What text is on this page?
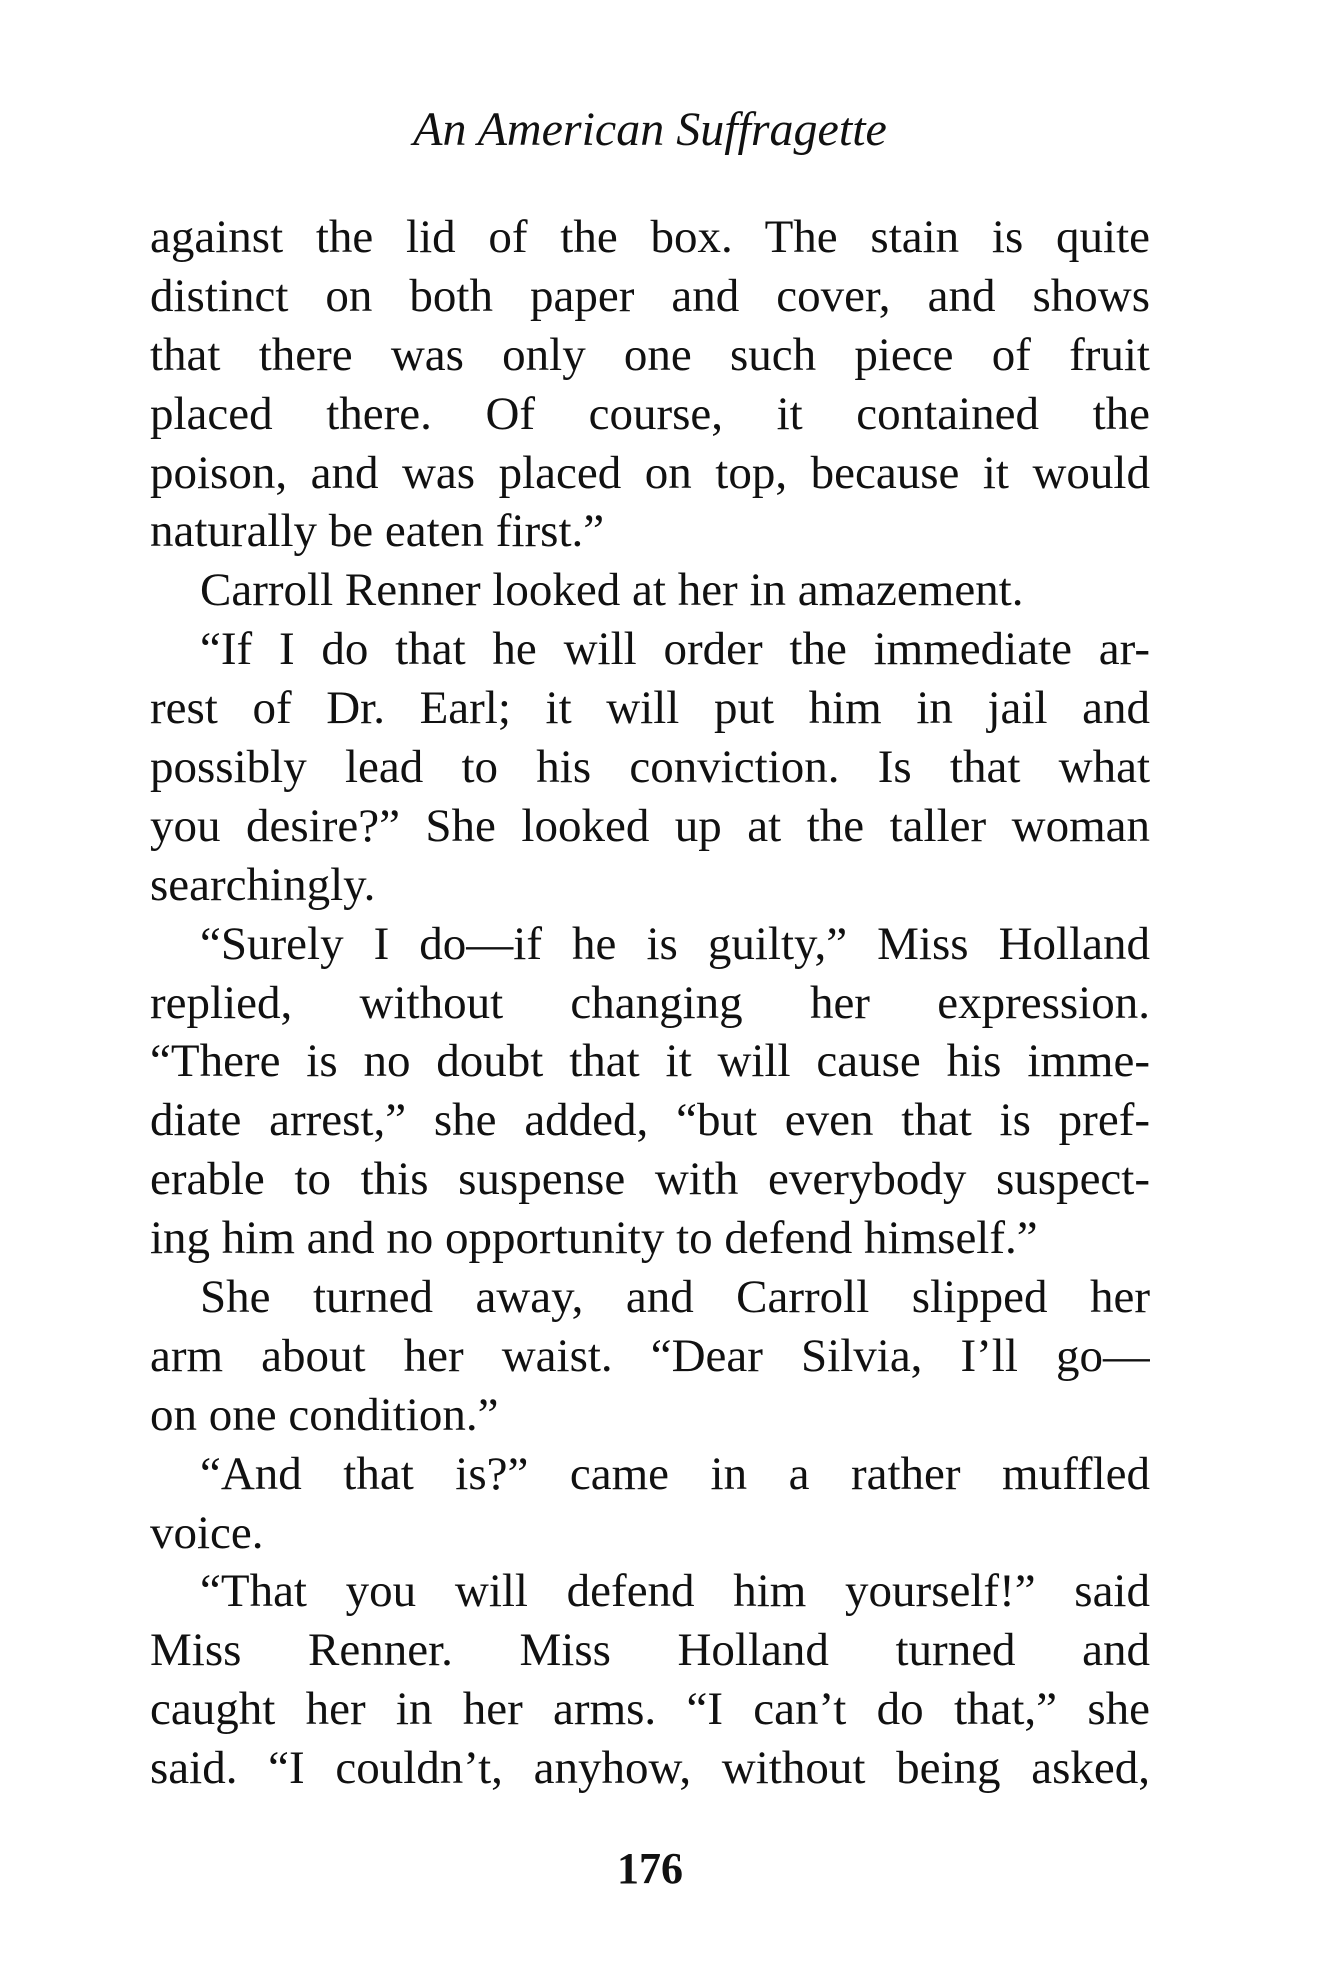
An American Suffragette
against the lid of the box. The stain is quite
distinct on both paper and cover, and shows
that there was only one such piece of fruit
placed there. Of course, it contained the
poison, and was placed on top, because it would
naturally be eaten first.”
Carroll Renner looked at her in amazement.
“If I do that he will order the immediate ar-
rest of Dr. Earl; it will put him in jail and
possibly lead to his conviction. Is that what
you desire?” She looked up at the taller woman
searchingly.
“Surely I do—if he is guilty,” Miss Holland
replied, without changing her expression.
“There is no doubt that it will cause his imme-
diate arrest,” she added, “but even that is pref-
erable to this suspense with everybody suspect-
ing him and no opportunity to defend himself.”
She turned away, and Carroll slipped her
arm about her waist. “Dear Silvia, I’ll go—
on one condition.”
“And that is?” came in a rather muffled
voice.
“That you will defend him yourself!” said
Miss Renner. Miss Holland turned and
caught her in her arms. “I can’t do that,” she
said. “I couldn’t, anyhow, without being asked,
176
